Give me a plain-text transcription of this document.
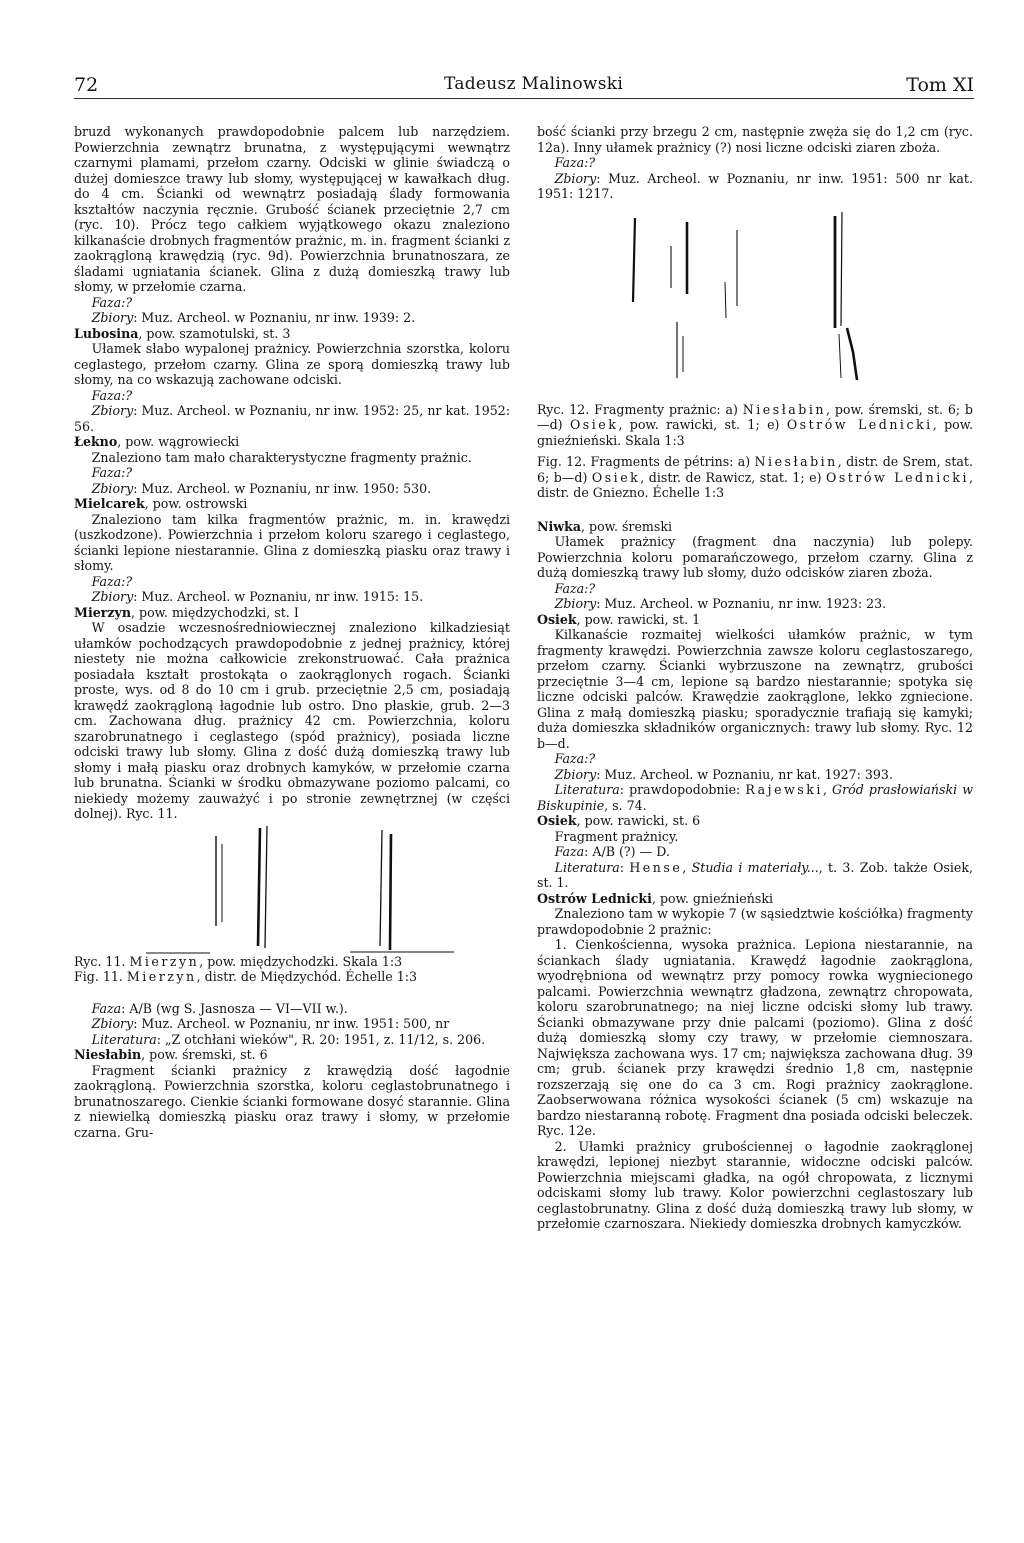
72	Tadeusz Malinowski	Tom XI

bruzd wykonanych prawdopodobnie palcem lub narzędziem. Powierzchnia zewnątrz brunatna, z występującymi wewnątrz czarnymi plamami, przełom czarny. Odciski w glinie świadczą o dużej domieszce trawy lub słomy, występującej w kawałkach dług. do 4 cm. Ścianki od wewnątrz posiadają ślady formowania kształtów naczynia ręcznie. Grubość ścianek przeciętnie 2,7 cm (ryc. 10). Prócz tego całkiem wyjątkowego okazu znaleziono kilkanaście drobnych fragmentów prażnic, m. in. fragment ścianki z zaokrągloną krawędzią (ryc. 9d). Powierzchnia brunatnoszara, ze śladami ugniatania ścianek. Glina z dużą domieszką trawy lub słomy, w przełomie czarna.

Faza:?

Zbiory: Muz. Archeol. w Poznaniu, nr inw. 1939: 2.

Lubosina, pow. szamotulski, st. 3

Ułamek słabo wypalonej prażnicy. Powierzchnia szorstka, koloru ceglastego, przełom czarny. Glina ze sporą domieszką trawy lub słomy, na co wskazują zachowane odciski.

Faza:?

Zbiory: Muz. Archeol. w Poznaniu, nr inw. 1952: 25, nr kat. 1952: 56.

Łekno, pow. wągrowiecki

Znaleziono tam mało charakterystyczne fragmenty prażnic.

Faza:?

Zbiory: Muz. Archeol. w Poznaniu, nr inw. 1950: 530.

Mielcarek, pow. ostrowski

Znaleziono tam kilka fragmentów prażnic, m. in. krawędzi (uszkodzone). Powierzchnia i przełom koloru szarego i ceglastego, ścianki lepione niestarannie. Glina z domieszką piasku oraz trawy i słomy.

Faza:?

Zbiory: Muz. Archeol. w Poznaniu, nr inw. 1915: 15.

Mierzyn, pow. międzychodzki, st. I

W osadzie wczesnośredniowiecznej znaleziono kilkadziesiąt ułamków pochodzących prawdopodobnie z jednej prażnicy, której niestety nie można całkowicie zrekonstruować. Cała prażnica posiadała kształt prostokąta o zaokrąglonych rogach. Ścianki proste, wys. od 8 do 10 cm i grub. przeciętnie 2,5 cm, posiadają krawędź zaokrągloną łagodnie lub ostro. Dno płaskie, grub. 2—3 cm. Zachowana dług. prażnicy 42 cm. Powierzchnia, koloru szarobrunatnego i ceglastego (spód prażnicy), posiada liczne odciski trawy lub słomy. Glina z dość dużą domieszką trawy lub słomy i małą piasku oraz drobnych kamyków, w przełomie czarna lub brunatna. Ścianki w środku obmazywane poziomo palcami, co niekiedy możemy zauważyć i po stronie zewnętrznej (w części dolnej). Ryc. 11.

Ryc. 11. Mierzyn, pow. międzychodzki. Skala 1:3

Fig. 11. Mierzyn, distr. de Międzychód. Échelle 1:3

Faza: A/B (wg S. Jasnosza — VI—VII w.).

Zbiory: Muz. Archeol. w Poznaniu, nr inw. 1951: 500, nr

Literatura: „Z otchłani wieków", R. 20: 1951, z. 11/12, s. 206.

Niesłabin, pow. śremski, st. 6

Fragment ścianki prażnicy z krawędzią dość łagodnie zaokrągloną. Powierzchnia szorstka, koloru ceglastobrunatnego i brunatnoszarego. Cienkie ścianki formowane dosyć starannie. Glina z niewielką domieszką piasku oraz trawy i słomy, w przełomie czarna. Gru-

bość ścianki przy brzegu 2 cm, następnie zwęża się do 1,2 cm (ryc. 12a). Inny ułamek prażnicy (?) nosi liczne odciski ziaren zboża.

Faza:?

Zbiory: Muz. Archeol. w Poznaniu, nr inw. 1951: 500 nr kat. 1951: 1217.

Ryc. 12. Fragmenty prażnic: a) Niesłabin, pow. śremski, st. 6; b—d) Osiek, pow. rawicki, st. 1; e) Ostrów Lednicki, pow. gnieźnieński. Skala 1:3

Fig. 12. Fragments de pétrins: a) Niesłabin, distr. de Srem, stat. 6; b—d) Osiek, distr. de Rawicz, stat. 1; e) Ostrów Lednicki, distr. de Gniezno. Échelle 1:3

Niwka, pow. śremski

Ułamek prażnicy (fragment dna naczynia) lub polepy. Powierzchnia koloru pomarańczowego, przełom czarny. Glina z dużą domieszką trawy lub słomy, dużo odcisków ziaren zboża.

Faza:?

Zbiory: Muz. Archeol. w Poznaniu, nr inw. 1923: 23.

Osiek, pow. rawicki, st. 1

Kilkanaście rozmaitej wielkości ułamków prażnic, w tym fragmenty krawędzi. Powierzchnia zawsze koloru ceglastoszarego, przełom czarny. Ścianki wybrzuszone na zewnątrz, grubości przeciętnie 3—4 cm, lepione są bardzo niestarannie; spotyka się liczne odciski palców. Krawędzie zaokrąglone, lekko zgniecione. Glina z małą domieszką piasku; sporadycznie trafiają się kamyki; duża domieszka składników organicznych: trawy lub słomy. Ryc. 12 b—d.

Faza:?

Zbiory: Muz. Archeol. w Poznaniu, nr kat. 1927: 393.

Literatura: prawdopodobnie: Rajewski, Gród prasłowiański w Biskupinie, s. 74.

Osiek, pow. rawicki, st. 6

Fragment prażnicy.

Faza: A/B (?) — D.

Literatura: Hense, Studia i materiały..., t. 3. Zob. także Osiek, st. 1.

Ostrów Lednicki, pow. gnieźnieński

Znaleziono tam w wykopie 7 (w sąsiedztwie kościółka) fragmenty prawdopodobnie 2 prażnic:

1. Cienkościenna, wysoka prażnica. Lepiona niestarannie, na ściankach ślady ugniatania. Krawędź łagodnie zaokrąglona, wyodrębniona od wewnątrz przy pomocy rowka wygniecionego palcami. Powierzchnia wewnątrz gładzona, zewnątrz chropowata, koloru szarobrunatnego; na niej liczne odciski słomy lub trawy. Ścianki obmazywane przy dnie palcami (poziomo). Glina z dość dużą domieszką słomy czy trawy, w przełomie ciemnoszara. Największa zachowana wys. 17 cm; największa zachowana dług. 39 cm; grub. ścianek przy krawędzi średnio 1,8 cm, następnie rozszerzają się one do ca 3 cm. Rogi prażnicy zaokrąglone. Zaobserwowana różnica wysokości ścianek (5 cm) wskazuje na bardzo niestaranną robotę. Fragment dna posiada odciski beleczek. Ryc. 12e.

2. Ułamki prażnicy grubościennej o łagodnie zaokrąglonej krawędzi, lepionej niezbyt starannie, widoczne odciski palców. Powierzchnia miejscami gładka, na ogół chropowata, z licznymi odciskami słomy lub trawy. Kolor powierzchni ceglastoszary lub ceglastobrunatny. Glina z dość dużą domieszką trawy lub słomy, w przełomie czarnoszara. Niekiedy domieszka drobnych kamyczków.
